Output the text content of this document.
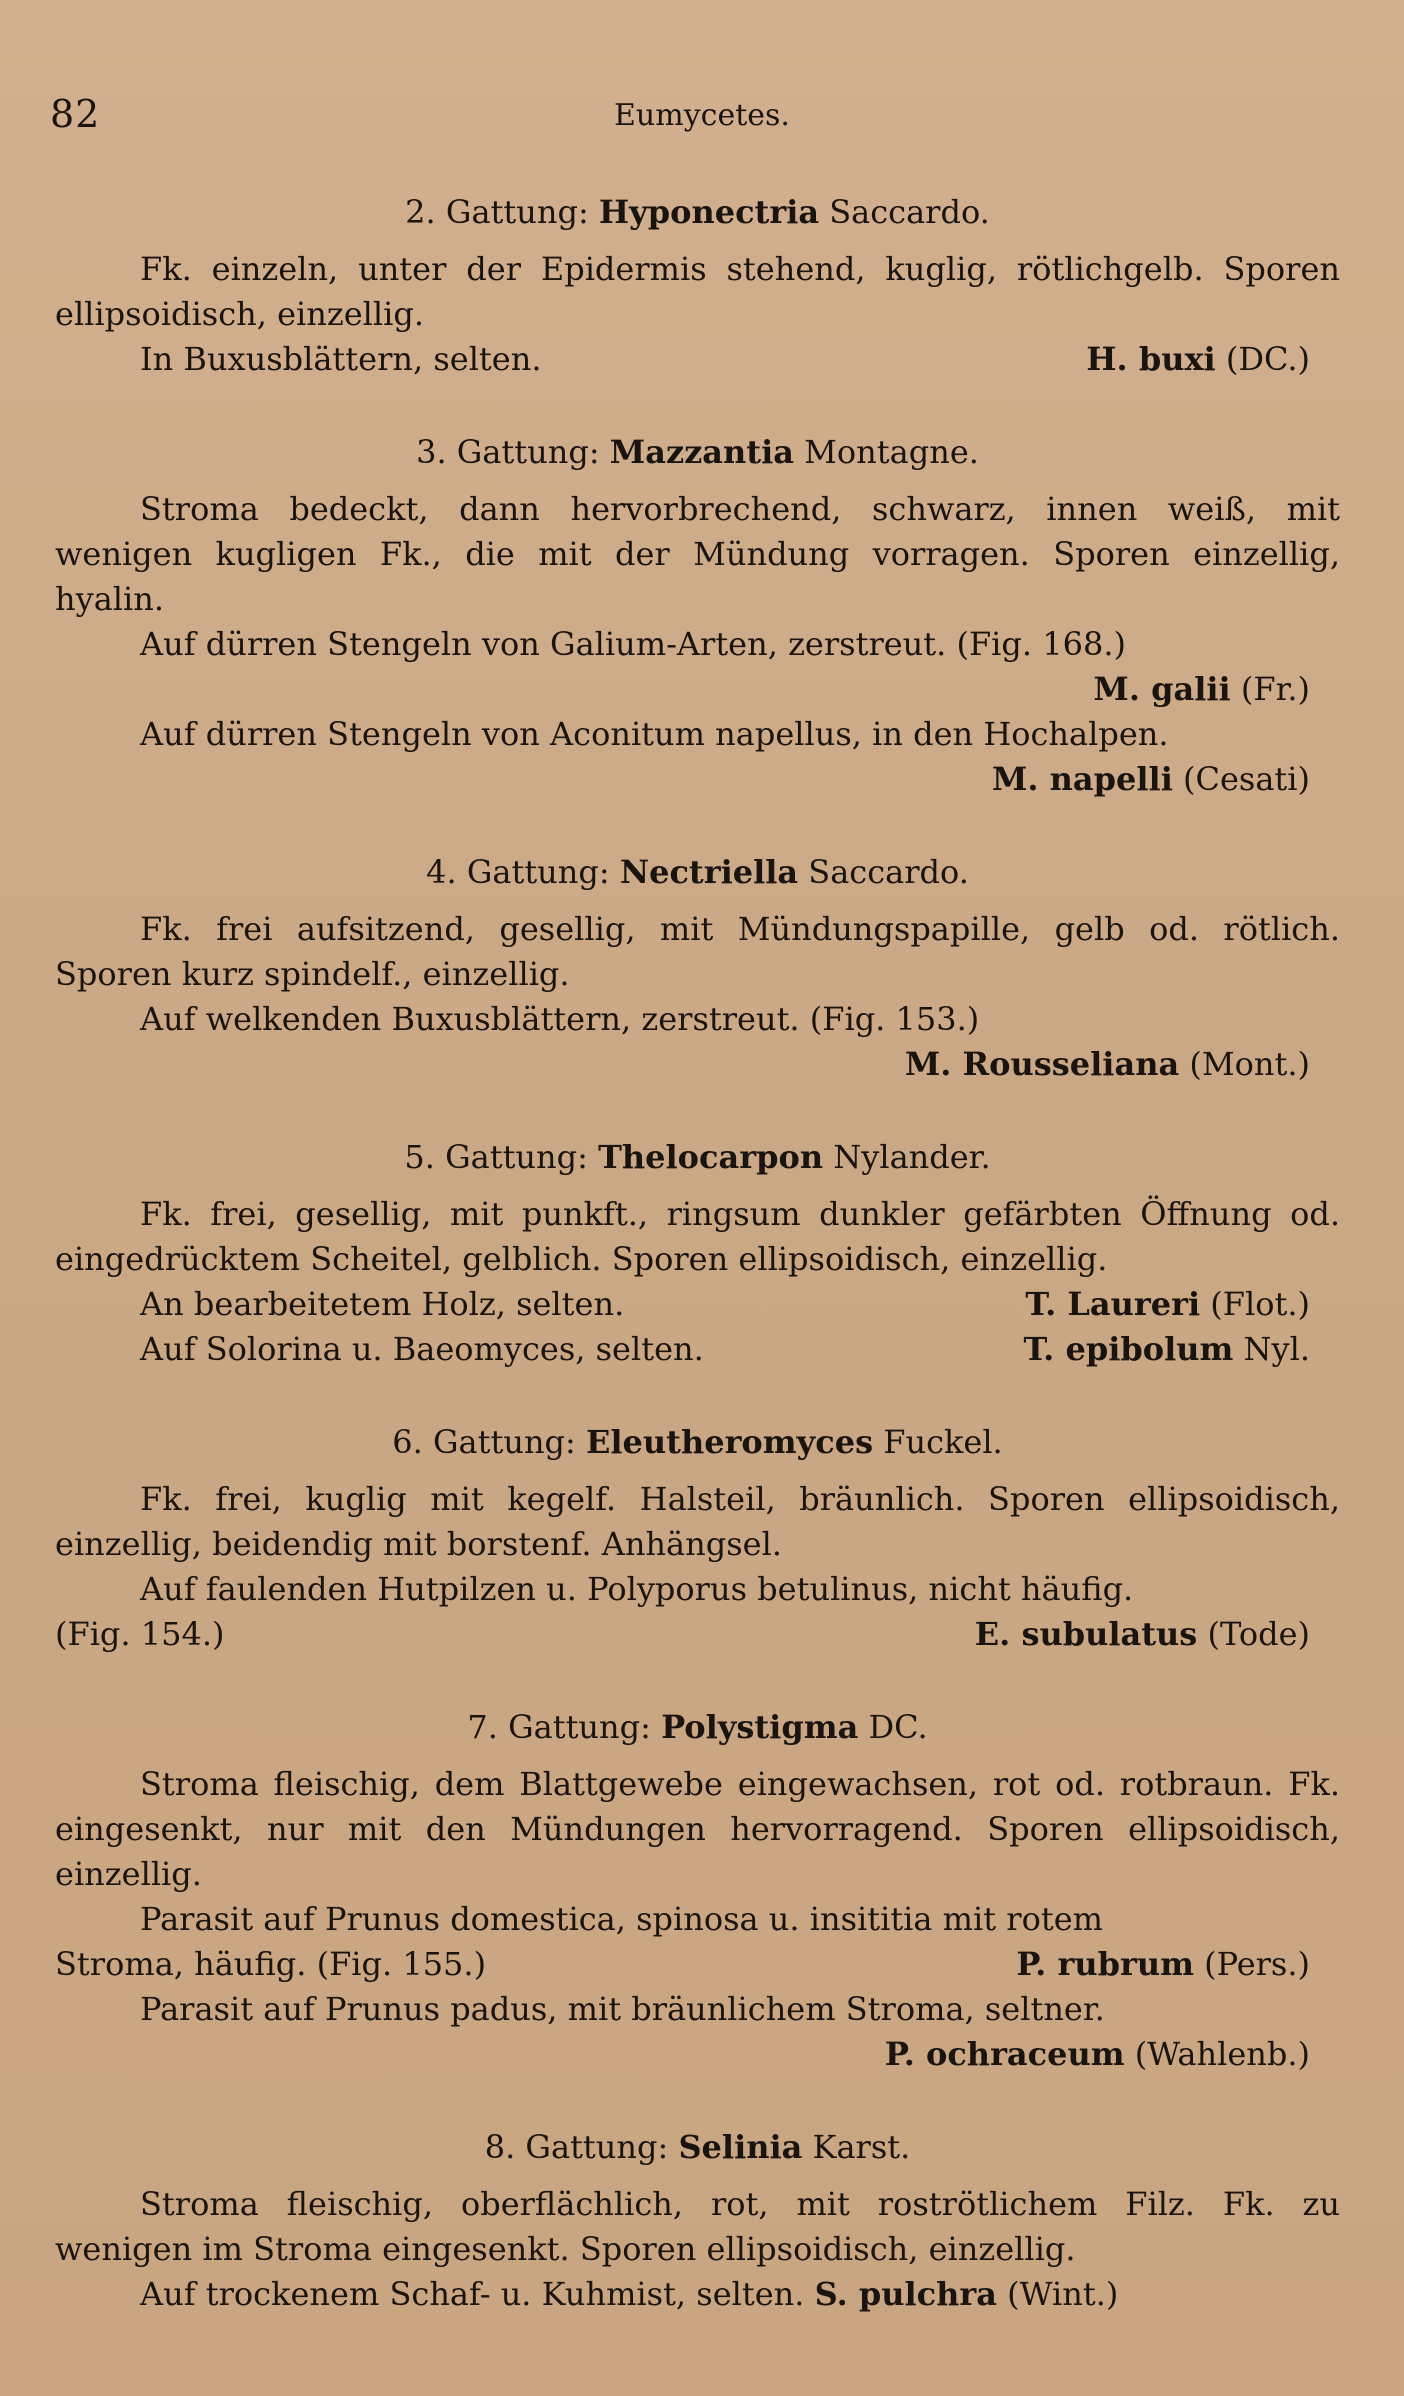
82	Eumycetes.
2. Gattung: Hyponectria Saccardo.

Fk. einzeln, unter der Epidermis stehend, kuglig, rötlichgelb. Sporen ellipsoidisch, einzellig.

In Buxusblättern, selten.	H. buxi (DC.)
3. Gattung: Mazzantia Montagne.

Stroma bedeckt, dann hervorbrechend, schwarz, innen weiß, mit wenigen kugligen Fk., die mit der Mündung vorragen. Sporen einzellig, hyalin.

Auf dürren Stengeln von Galium-Arten, zerstreut. (Fig. 168.)
M. galii (Fr.)
Auf dürren Stengeln von Aconitum napellus, in den Hochalpen.
M. napelli (Cesati)
4. Gattung: Nectriella Saccardo.

Fk. frei aufsitzend, gesellig, mit Mündungspapille, gelb od. rötlich. Sporen kurz spindelf., einzellig.

Auf welkenden Buxusblättern, zerstreut. (Fig. 153.)
M. Rousseliana (Mont.)
5. Gattung: Thelocarpon Nylander.

Fk. frei, gesellig, mit punkft., ringsum dunkler gefärbten Öffnung od. eingedrücktem Scheitel, gelblich. Sporen ellipsoidisch, einzellig.

An bearbeitetem Holz, selten.	T. Laureri (Flot.)
Auf Solorina u. Baeomyces, selten.	T. epibolum Nyl.
6. Gattung: Eleutheromyces Fuckel.

Fk. frei, kuglig mit kegelf. Halsteil, bräunlich. Sporen ellipsoidisch, einzellig, beidendig mit borstenf. Anhängsel.

Auf faulenden Hutpilzen u. Polyporus betulinus, nicht häufig.
(Fig. 154.)	E. subulatus (Tode)
7. Gattung: Polystigma DC.

Stroma fleischig, dem Blattgewebe eingewachsen, rot od. rotbraun. Fk. eingesenkt, nur mit den Mündungen hervorragend. Sporen ellipsoidisch, einzellig.

Parasit auf Prunus domestica, spinosa u. insititia mit rotem
Stroma, häufig. (Fig. 155.)	P. rubrum (Pers.)
Parasit auf Prunus padus, mit bräunlichem Stroma, seltner.
P. ochraceum (Wahlenb.)
8. Gattung: Selinia Karst.

Stroma fleischig, oberflächlich, rot, mit roströtlichem Filz. Fk. zu wenigen im Stroma eingesenkt. Sporen ellipsoidisch, einzellig.

Auf trockenem Schaf- u. Kuhmist, selten. S. pulchra (Wint.)
